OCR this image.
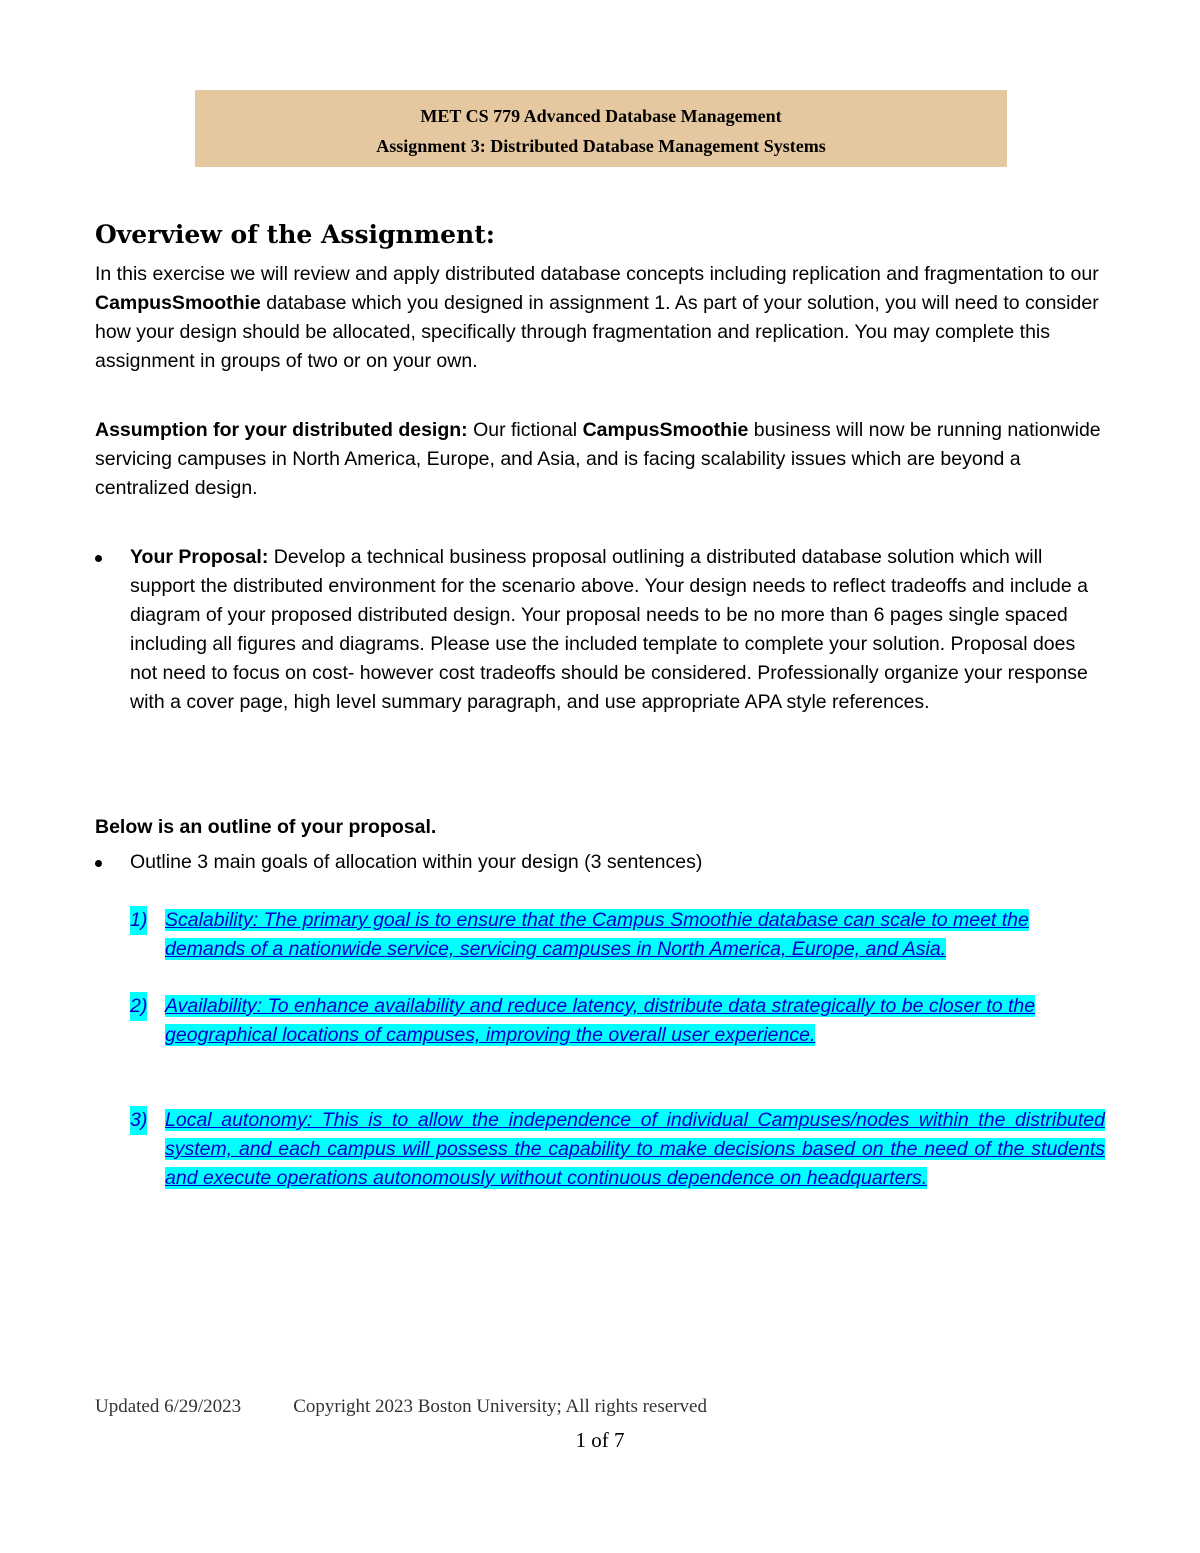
MET CS 779 Advanced Database Management
Assignment 3: Distributed Database Management Systems
Overview of the Assignment:
In this exercise we will review and apply distributed database concepts including replication and fragmentation to our CampusSmoothie database which you designed in assignment 1. As part of your solution, you will need to consider how your design should be allocated, specifically through fragmentation and replication. You may complete this assignment in groups of two or on your own.
Assumption for your distributed design: Our fictional CampusSmoothie business will now be running nationwide servicing campuses in North America, Europe, and Asia, and is facing scalability issues which are beyond a centralized design.
Your Proposal: Develop a technical business proposal outlining a distributed database solution which will support the distributed environment for the scenario above. Your design needs to reflect tradeoffs and include a diagram of your proposed distributed design. Your proposal needs to be no more than 6 pages single spaced including all figures and diagrams. Please use the included template to complete your solution. Proposal does not need to focus on cost- however cost tradeoffs should be considered. Professionally organize your response with a cover page, high level summary paragraph, and use appropriate APA style references.
Below is an outline of your proposal.
Outline 3 main goals of allocation within your design (3 sentences)
1) Scalability: The primary goal is to ensure that the Campus Smoothie database can scale to meet the demands of a nationwide service, servicing campuses in North America, Europe, and Asia.
2) Availability: To enhance availability and reduce latency, distribute data strategically to be closer to the geographical locations of campuses, improving the overall user experience.
3) Local autonomy: This is to allow the independence of individual Campuses/nodes within the distributed system, and each campus will possess the capability to make decisions based on the need of the students and execute operations autonomously without continuous dependence on headquarters.
Updated 6/29/2023	Copyright 2023 Boston University; All rights reserved
1 of 7
